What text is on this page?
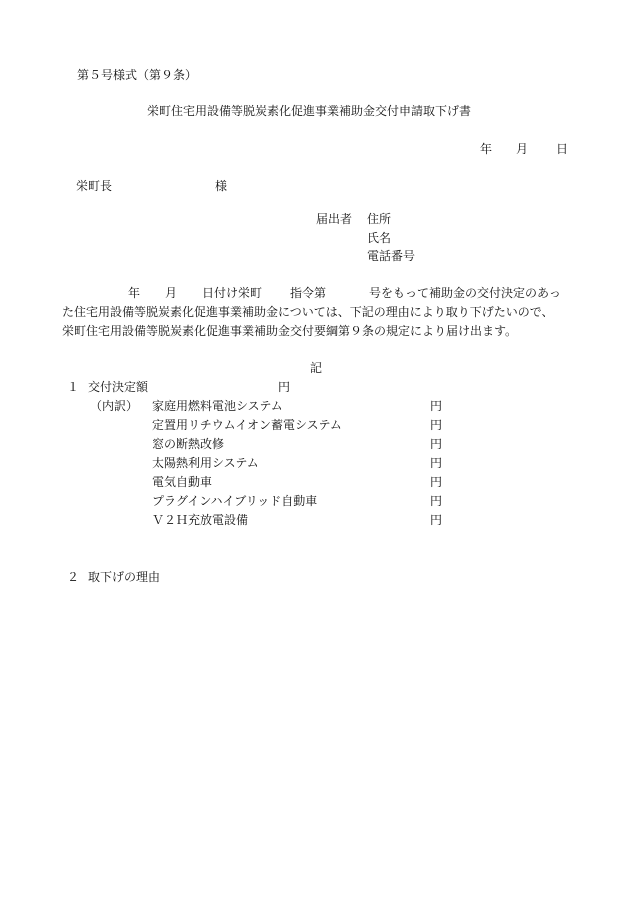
第５号様式（第９条）
栄町住宅用設備等脱炭素化促進事業補助金交付申請取下げ書
年 月 日
栄町長	様
届出者 住所
氏名
電話番号
年 月 日付け栄町 指令第	号をもって補助金の交付決定のあっ
た住宅用設備等脱炭素化促進事業補助金については、下記の理由により取り下げたいので、
栄町住宅用設備等脱炭素化促進事業補助金交付要綱第９条の規定により届け出ます。
記
１ 交付決定額	円
（内訳） 家庭用燃料電池システム	円
定置用リチウムイオン蓄電システム	円
窓の断熱改修	円
太陽熱利用システム	円
電気自動車	円
プラグインハイブリッド自動車	円
Ｖ２Ｈ充放電設備	円
２ 取下げの理由
